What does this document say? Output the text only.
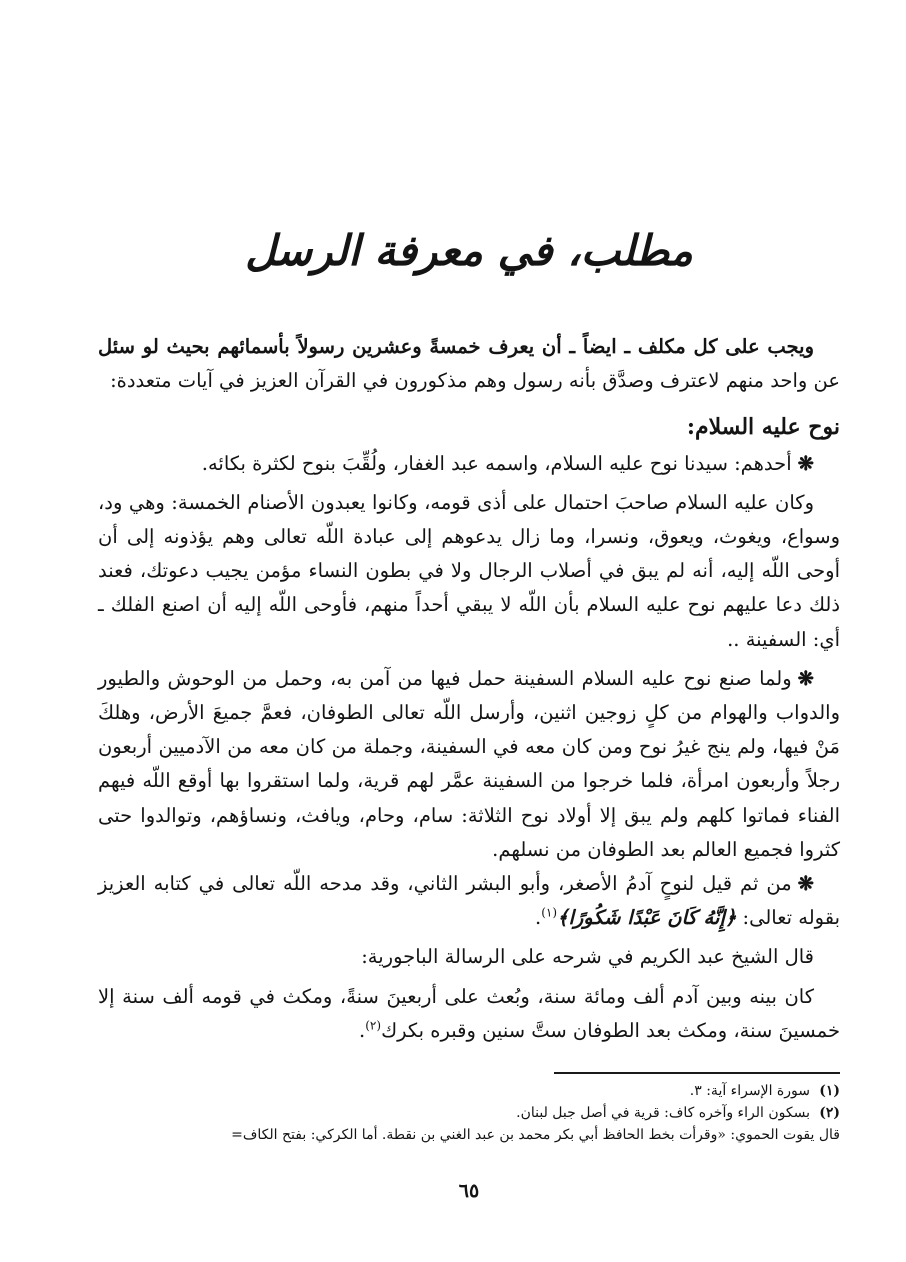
مطلب، في معرفة الرسل

ويجب على كل مكلف ـ ايضاً ـ أن يعرف خمسةً وعشرين رسولاً بأسمائهم بحيث لو سئل عن واحد منهم لاعترف وصدَّق بأنه رسول وهم مذكورون في القرآن العزيز في آيات متعددة:

نوح عليه السلام:

❋أحدهم: سيدنا نوح عليه السلام، واسمه عبد الغفار، ولُقِّبَ بنوح لكثرة بكائه.

وكان عليه السلام صاحبَ احتمال على أذى قومه، وكانوا يعبدون الأصنام الخمسة: وهي ود، وسواع، ويغوث، ويعوق، ونسرا، وما زال يدعوهم إلى عبادة اللّه تعالى وهم يؤذونه إلى أن أوحى اللّه إليه، أنه لم يبق في أصلاب الرجال ولا في بطون النساء مؤمن يجيب دعوتك، فعند ذلك دعا عليهم نوح عليه السلام بأن اللّه لا يبقي أحداً منهم، فأوحى اللّه إليه أن اصنع الفلك ـ أي: السفينة ..

❋ولما صنع نوح عليه السلام السفينة حمل فيها من آمن به، وحمل من الوحوش والطيور والدواب والهوام من كلٍ زوجين اثنين، وأرسل اللّه تعالى الطوفان، فعمَّ جميعَ الأرض، وهلكَ مَنْ فيها، ولم ينج غيرُ نوح ومن كان معه في السفينة، وجملة من كان معه من الآدميين أربعون رجلاً وأربعون امرأة، فلما خرجوا من السفينة عمَّر لهم قرية، ولما استقروا بها أوقع اللّه فيهم الفناء فماتوا كلهم ولم يبق إلا أولاد نوح الثلاثة: سام، وحام، ويافث، ونساؤهم، وتوالدوا حتى كثروا فجميع العالم بعد الطوفان من نسلهم.

❋من ثم قيل لنوحٍ آدمُ الأصغر، وأبو البشر الثاني، وقد مدحه اللّه تعالى في كتابه العزيز بقوله تعالى: ﴿إِنَّهُ كَانَ عَبْدًا شَكُورًا﴾$^{(١)}$.

قال الشيخ عبد الكريم في شرحه على الرسالة الباجورية:

كان بينه وبين آدم ألف ومائة سنة، وبُعث على أربعينَ سنةً، ومكث في قومه ألف سنة إلا خمسينَ سنة، ومكث بعد الطوفان ستَّ سنين وقبره بكرك$^{(٢)}$.

(١)سورة الإسراء آية: ٣.

(٢)بسكون الراء وآخره كاف: قرية في أصل جبل لبنان.

قال يقوت الحموي: «وقرأت بخط الحافظ أبي بكر محمد بن عبد الغني بن نقطة. أما الكركي: بفتح الكاف=

٦٥
